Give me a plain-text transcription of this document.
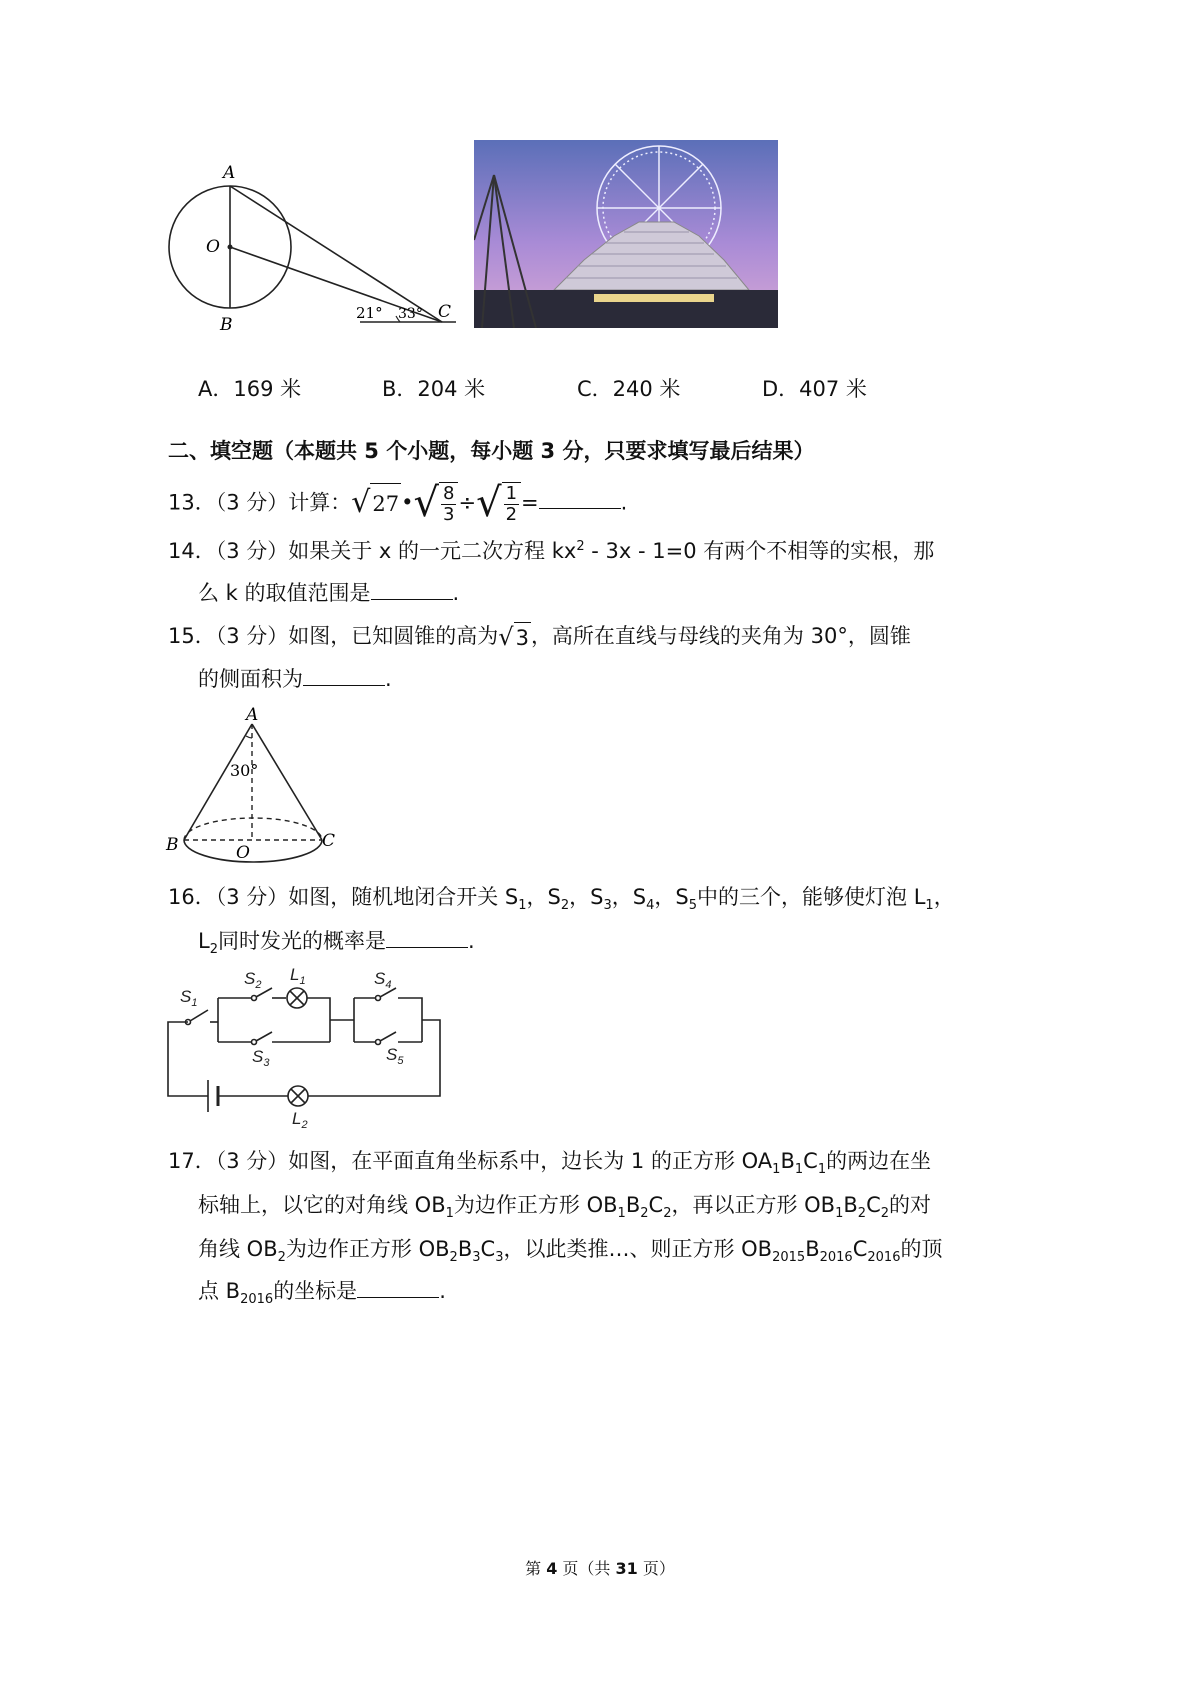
A
O
B
C
21° 33°
A．169 米	B．204 米	C．240 米	D．407 米
二、填空题（本题共 5 个小题，每小题 3 分，只要求填写最后结果）
13．（3 分）计算： √ 27 • √ $\frac{8}{3}$ ÷ √ $\frac{1}{2}$ =	.
14．（3 分）如果关于 x 的一元二次方程 $kx^2 - 3x - 1=0$ 有两个不相等的实根，那
么 k 的取值范围是	.
15．（3 分）如图，已知圆锥的高为 √ 3 ，高所在直线与母线的夹角为 30°，圆锥
的侧面积为	.
A
B	C
O
30°
16．（3 分）如图，随机地闭合开关 $S_1$，$S_2$，$S_3$，$S_4$，$S_5$中的三个，能够使灯泡 $L_1$，
$L_2$同时发光的概率是	.
$S_1$
$S_2$
$L_1$	$S_4$
$S_3$	$S_5$
$L_2$
17．（3 分）如图，在平面直角坐标系中，边长为 1 的正方形 $OA_1B_1C_1$的两边在坐
标轴上，以它的对角线 $OB_1$为边作正方形 $OB_1B_2C_2$，再以正方形 $OB_1B_2C_2$的对
角线 $OB_2$为边作正方形 $OB_2B_3C_3$，以此类推…、则正方形 $OB_{2015}B_{2016}C_{2016}$的顶
点 $B_{2016}$的坐标是	.
第 4 页（共 31 页）
